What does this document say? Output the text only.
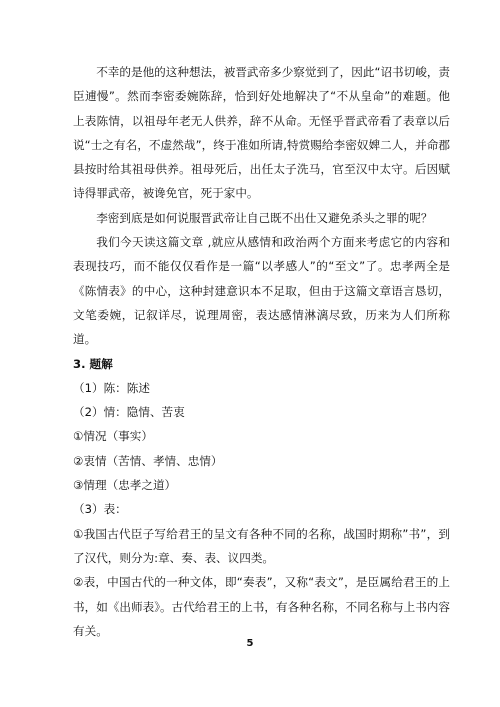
不幸的是他的这种想法，被晋武帝多少察觉到了，因此“诏书切峻，责臣逋慢”。然而李密委婉陈辞，恰到好处地解决了“不从皇命”的难题。他上表陈情，以祖母年老无人供养，辞不从命。无怪乎晋武帝看了表章以后说“士之有名，不虚然哉”，终于准如所请,特赏赐给李密奴婢二人，并命郡县按时给其祖母供养。祖母死后，出任太子洗马，官至汉中太守。后因赋诗得罪武帝，被谗免官，死于家中。

李密到底是如何说服晋武帝让自己既不出仕又避免杀头之罪的呢？

我们今天读这篇文章 ,就应从感情和政治两个方面来考虑它的内容和表现技巧，而不能仅仅看作是一篇“以孝感人”的“至文”了。忠孝两全是《陈情表》的中心，这种封建意识本不足取，但由于这篇文章语言恳切，文笔委婉，记叙详尽，说理周密，表达感情淋漓尽致，历来为人们所称道。

3. 题解

（1）陈：陈述

（2）情：隐情、苦衷

①情况（事实）

②衷情（苦情、孝情、忠情）

③情理（忠孝之道）

（3）表：

①我国古代臣子写给君王的呈文有各种不同的名称，战国时期称”书”，到了汉代，则分为:章、奏、表、议四类。

②表，中国古代的一种文体，即“奏表”，又称“表文”，是臣属给君王的上书，如《出师表》。古代给君王的上书，有各种名称，不同名称与上书内容有关。

5
